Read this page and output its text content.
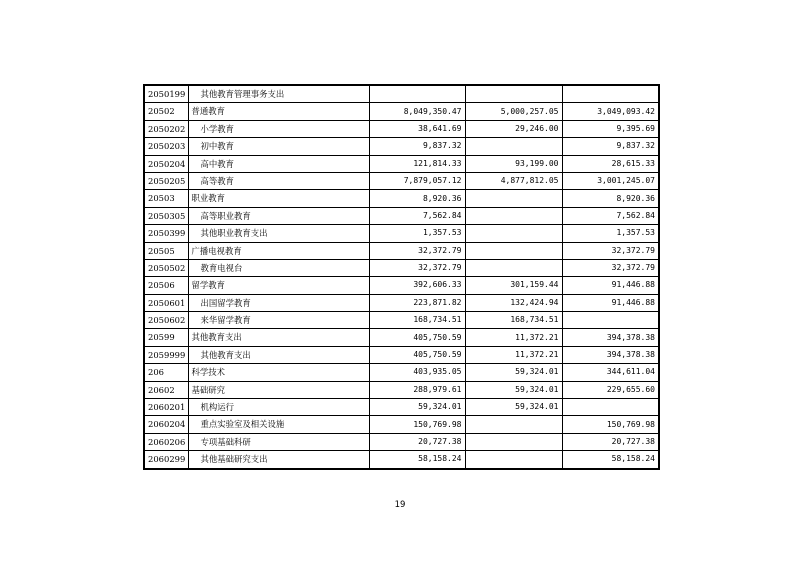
2050199	其他教育管理事务支出			
20502	普通教育	8,049,350.47	5,000,257.05	3,049,093.42
2050202	小学教育	38,641.69	29,246.00	9,395.69
2050203	初中教育	9,837.32		9,837.32
2050204	高中教育	121,814.33	93,199.00	28,615.33
2050205	高等教育	7,879,057.12	4,877,812.05	3,001,245.07
20503	职业教育	8,920.36		8,920.36
2050305	高等职业教育	7,562.84		7,562.84
2050399	其他职业教育支出	1,357.53		1,357.53
20505	广播电视教育	32,372.79		32,372.79
2050502	教育电视台	32,372.79		32,372.79
20506	留学教育	392,606.33	301,159.44	91,446.88
2050601	出国留学教育	223,871.82	132,424.94	91,446.88
2050602	来华留学教育	168,734.51	168,734.51	
20599	其他教育支出	405,750.59	11,372.21	394,378.38
2059999	其他教育支出	405,750.59	11,372.21	394,378.38
206	科学技术	403,935.05	59,324.01	344,611.04
20602	基础研究	288,979.61	59,324.01	229,655.60
2060201	机构运行	59,324.01	59,324.01	
2060204	重点实验室及相关设施	150,769.98		150,769.98
2060206	专项基础科研	20,727.38		20,727.38
2060299	其他基础研究支出	58,158.24		58,158.24
19
